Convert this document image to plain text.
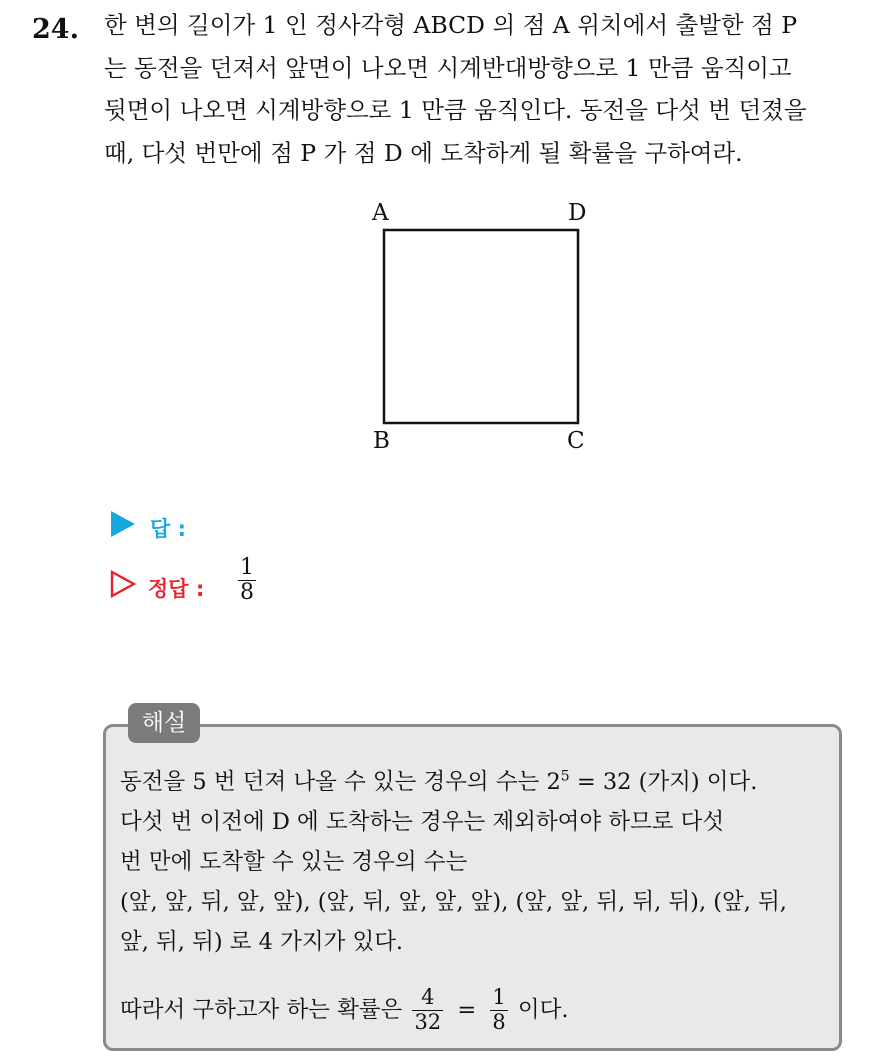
24. 한 변의 길이가 1 인 정사각형 ABCD 의 점 A 위치에서 출발한 점 P
는 동전을 던져서 앞면이 나오면 시계반대방향으로 1 만큼 움직이고
뒷면이 나오면 시계방향으로 1 만큼 움직인다. 동전을 다섯 번 던졌을
때, 다섯 번만에 점 P 가 점 D 에 도착하게 될 확률을 구하여라.
A	D
B	C
답 :
정답 :
1
8
동전을 5 번 던져 나올 수 있는 경우의 수는 $2^5 = 32$ (가지) 이다.
다섯 번 이전에 D 에 도착하는 경우는 제외하여야 하므로 다섯
번 만에 도착할 수 있는 경우의 수는
(앞, 앞, 뒤, 앞, 앞), (앞, 뒤, 앞, 앞, 앞), (앞, 앞, 뒤, 뒤, 뒤), (앞, 뒤,
앞, 뒤, 뒤) 로 4 가지가 있다.
따라서 구하고자 하는 확률은 $\frac{4}{32} = \frac{1}{8}$ 이다.
해설
